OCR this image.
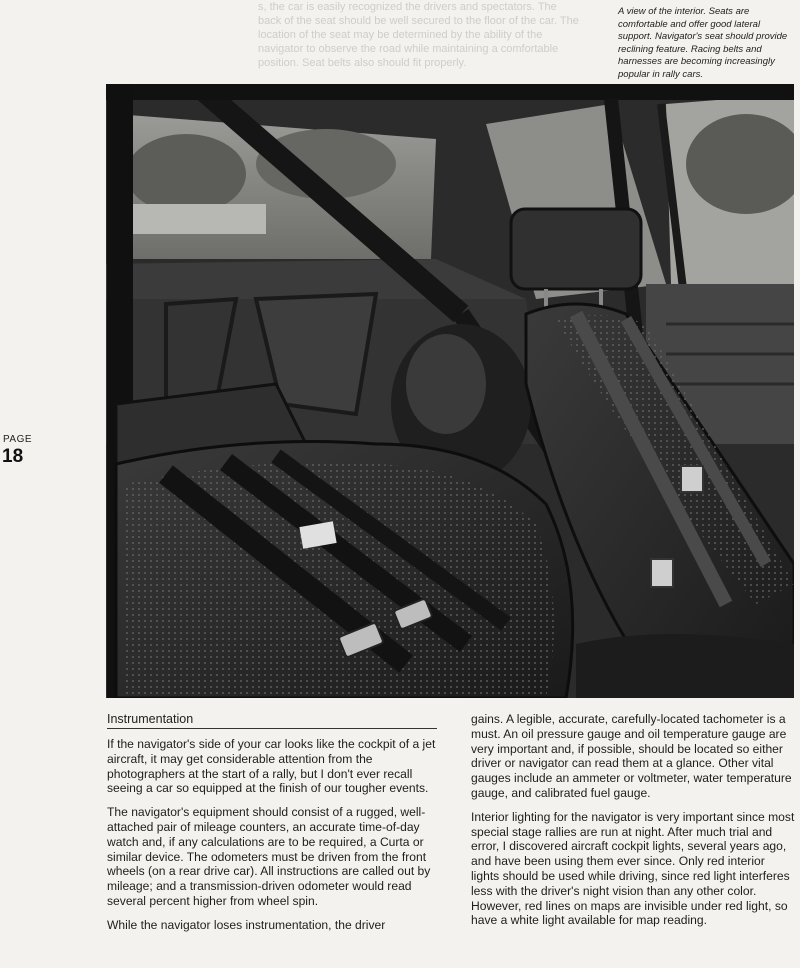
s, the car is easily recognized the drivers and spectators. The
back of the seat should be well secured to the floor of the car. The
location of the seat may be determined by the ability of the
navigator to observe the road while maintaining a comfortable
position. Seat belts also should fit properly.
A view of the interior. Seats are comfortable and offer good lateral support. Navigator's seat should provide reclining feature. Racing belts and harnesses are becoming increasingly popular in rally cars.
PAGE
18
Instrumentation

If the navigator's side of your car looks like the cockpit of a jet aircraft, it may get considerable attention from the photographers at the start of a rally, but I don't ever recall seeing a car so equipped at the finish of our tougher events.

The navigator's equipment should consist of a rugged, well-attached pair of mileage counters, an accurate time-of-day watch and, if any calculations are to be required, a Curta or similar device. The odometers must be driven from the front wheels (on a rear drive car). All instructions are called out by mileage; and a transmission-driven odometer would read several percent higher from wheel spin.

While the navigator loses instrumentation, the driver

gains. A legible, accurate, carefully-located tachometer is a must. An oil pressure gauge and oil temperature gauge are very important and, if possible, should be located so either driver or navigator can read them at a glance. Other vital gauges include an ammeter or voltmeter, water temperature gauge, and calibrated fuel gauge.

Interior lighting for the navigator is very important since most special stage rallies are run at night. After much trial and error, I discovered aircraft cockpit lights, several years ago, and have been using them ever since. Only red interior lights should be used while driving, since red light interferes less with the driver's night vision than any other color. However, red lines on maps are invisible under red light, so have a white light available for map reading.
